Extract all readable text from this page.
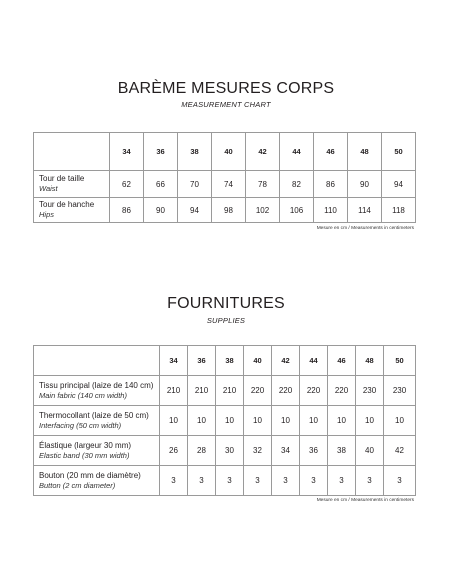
BARÈME MESURES CORPS
MEASUREMENT CHART
	34	36	38	40	42	44	46	48	50

Tour de taille
Waist	62	66	70	74	78	82	86	90	94

Tour de hanche
Hips	86	90	94	98	102	106	110	114	118
Mesure en cm / Measurements in centimeters
FOURNITURES
SUPPLIES
	34	36	38	40	42	44	46	48	50

Tissu principal (laize de 140 cm)
Main fabric (140 cm width)	210	210	210	220	220	220	220	230	230

Thermocollant (laize de 50 cm)
Interfacing (50 cm width)	10	10	10	10	10	10	10	10	10

Élastique (largeur 30 mm)
Elastic band (30 mm width)	26	28	30	32	34	36	38	40	42

Bouton (20 mm de diamètre)
Button (2 cm diameter)	3	3	3	3	3	3	3	3	3
Mesure en cm / Measurements in centimeters
